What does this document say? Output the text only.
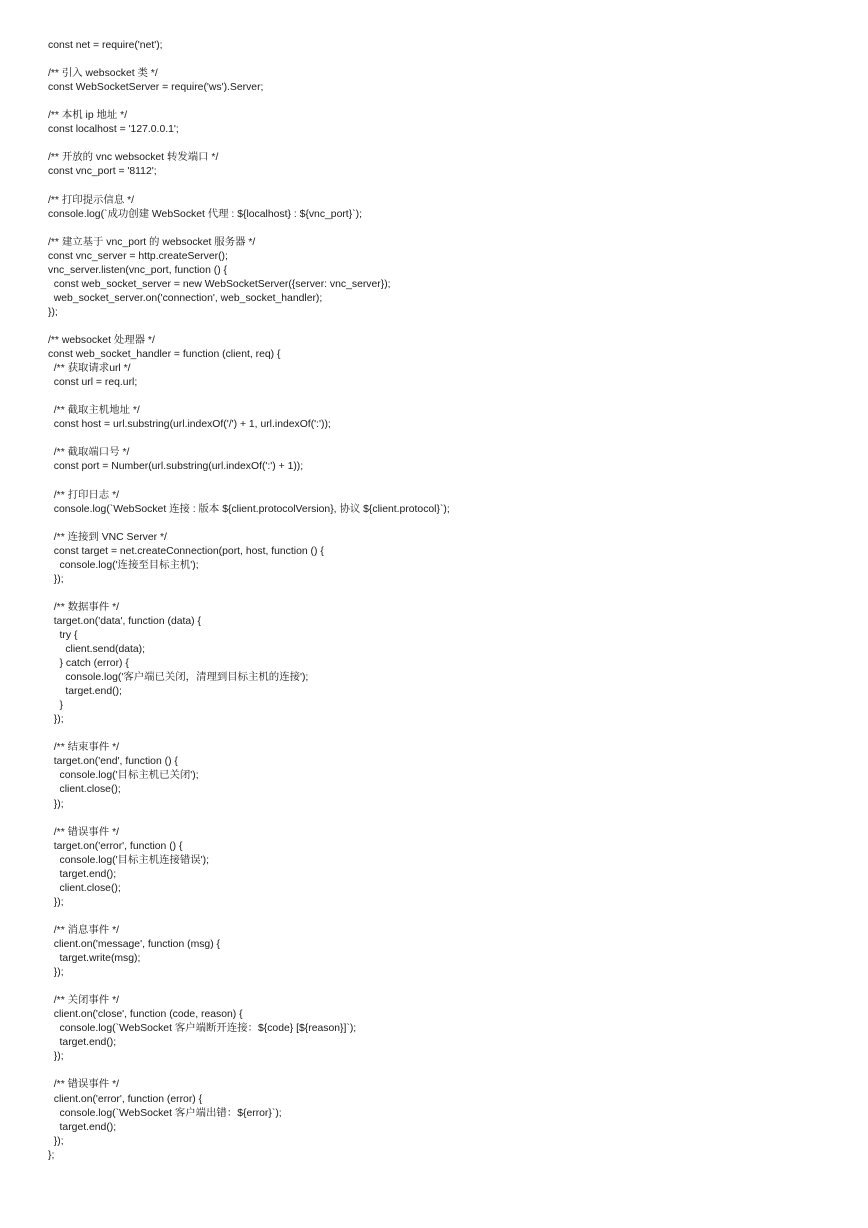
const net = require('net');
/** 引入 websocket 类 */
const WebSocketServer = require('ws').Server;
/** 本机 ip 地址 */
const localhost = '127.0.0.1';
/** 开放的 vnc websocket 转发端口 */
const vnc_port = '8112';
/** 打印提示信息 */
console.log(`成功创建 WebSocket 代理 : ${localhost} : ${vnc_port}`);
/** 建立基于 vnc_port 的 websocket 服务器 */
const vnc_server = http.createServer();
vnc_server.listen(vnc_port, function () {
const web_socket_server = new WebSocketServer({server: vnc_server});
web_socket_server.on('connection', web_socket_handler);
});
/** websocket 处理器 */
const web_socket_handler = function (client, req) {
/** 获取请求url */
const url = req.url;
/** 截取主机地址 */
const host = url.substring(url.indexOf('/') + 1, url.indexOf(':'));
/** 截取端口号 */
const port = Number(url.substring(url.indexOf(':') + 1));
/** 打印日志 */
console.log(`WebSocket 连接 : 版本 ${client.protocolVersion}, 协议 ${client.protocol}`);
/** 连接到 VNC Server */
const target = net.createConnection(port, host, function () {
console.log('连接至目标主机');
});
/** 数据事件 */
target.on('data', function (data) {
try {
client.send(data);
} catch (error) {
console.log('客户端已关闭，清理到目标主机的连接');
target.end();
}
});
/** 结束事件 */
target.on('end', function () {
console.log('目标主机已关闭');
client.close();
});
/** 错误事件 */
target.on('error', function () {
console.log('目标主机连接错误');
target.end();
client.close();
});
/** 消息事件 */
client.on('message', function (msg) {
target.write(msg);
});
/** 关闭事件 */
client.on('close', function (code, reason) {
console.log(`WebSocket 客户端断开连接：${code} [${reason}]`);
target.end();
});
/** 错误事件 */
client.on('error', function (error) {
console.log(`WebSocket 客户端出错：${error}`);
target.end();
});
};
